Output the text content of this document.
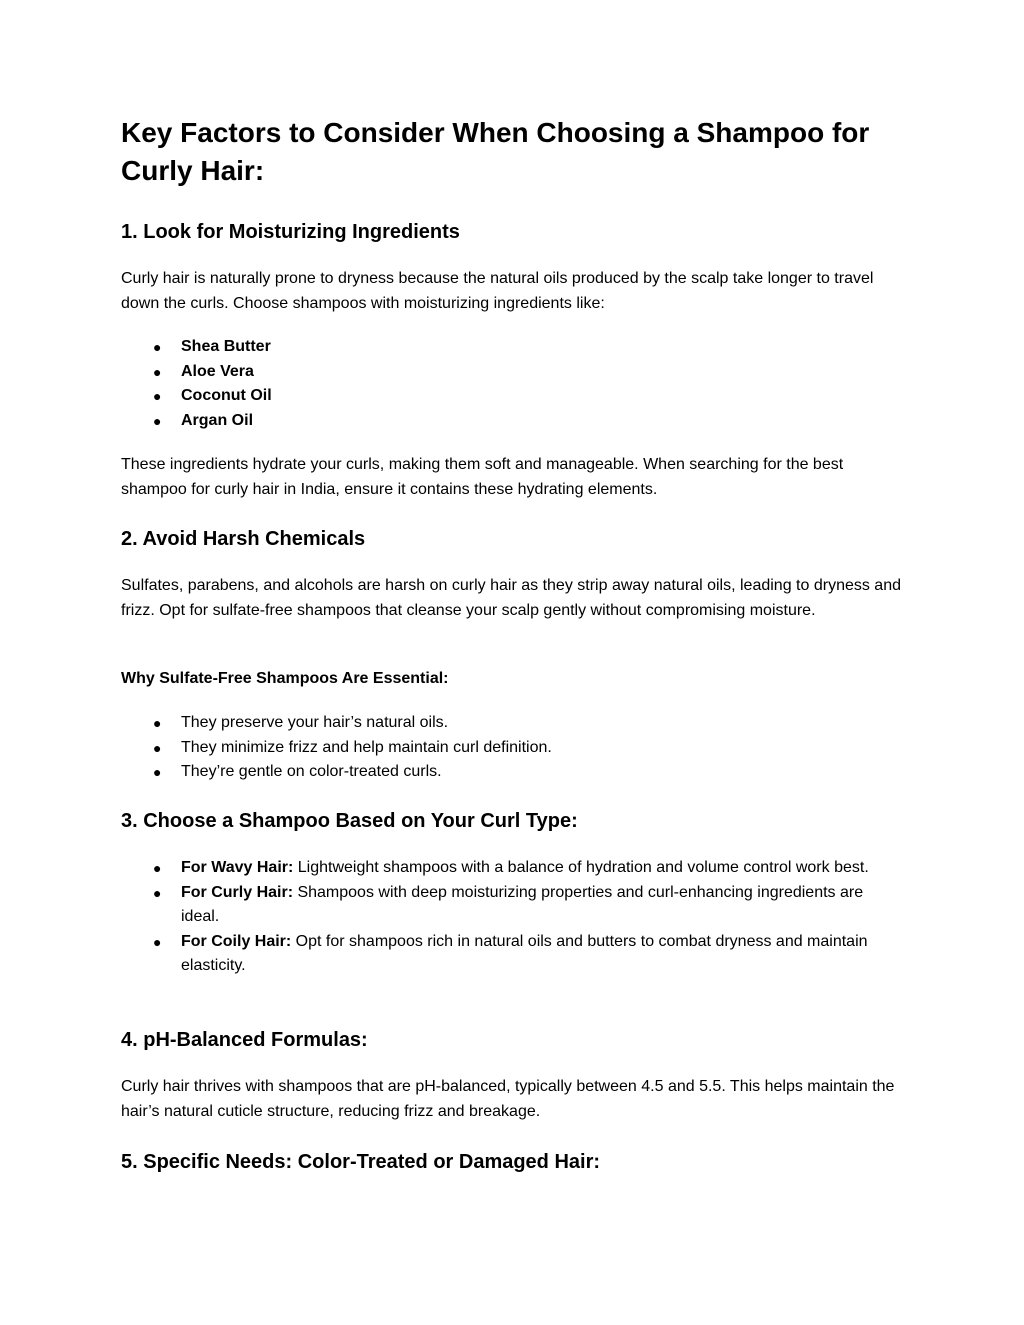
Key Factors to Consider When Choosing a Shampoo for Curly Hair:
1. Look for Moisturizing Ingredients

Curly hair is naturally prone to dryness because the natural oils produced by the scalp take longer to travel down the curls. Choose shampoos with moisturizing ingredients like:

● Shea Butter
● Aloe Vera
● Coconut Oil
● Argan Oil

These ingredients hydrate your curls, making them soft and manageable. When searching for the best shampoo for curly hair in India, ensure it contains these hydrating elements.

2. Avoid Harsh Chemicals

Sulfates, parabens, and alcohols are harsh on curly hair as they strip away natural oils, leading to dryness and frizz. Opt for sulfate-free shampoos that cleanse your scalp gently without compromising moisture.

Why Sulfate-Free Shampoos Are Essential:
● They preserve your hair’s natural oils.
● They minimize frizz and help maintain curl definition.
● They’re gentle on color-treated curls.
3. Choose a Shampoo Based on Your Curl Type:
● For Wavy Hair: Lightweight shampoos with a balance of hydration and volume control work best.
● For Curly Hair: Shampoos with deep moisturizing properties and curl-enhancing ingredients are ideal.
● For Coily Hair: Opt for shampoos rich in natural oils and butters to combat dryness and maintain elasticity.
4. pH-Balanced Formulas:

Curly hair thrives with shampoos that are pH-balanced, typically between 4.5 and 5.5. This helps maintain the hair’s natural cuticle structure, reducing frizz and breakage.

5. Specific Needs: Color-Treated or Damaged Hair:
